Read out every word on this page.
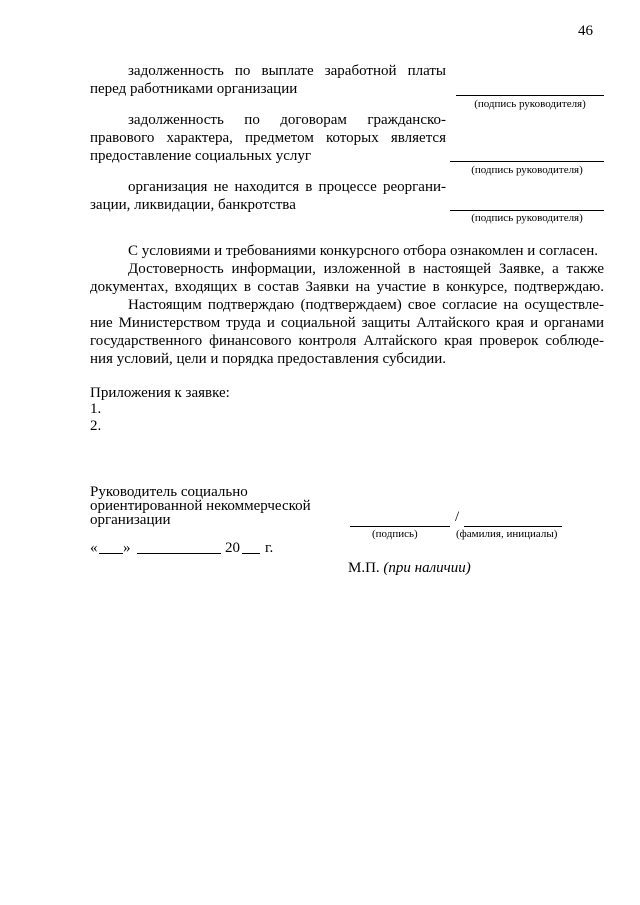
46
задолженность по выплате заработной платы
перед работниками организации
(подпись руководителя)
задолженность по договорам гражданско-
правового характера, предметом которых является
предоставление социальных услуг
(подпись руководителя)
организация не находится в процессе реоргани-
зации, ликвидации, банкротства
(подпись руководителя)
С условиями и требованиями конкурсного отбора ознакомлен и согласен.
Достоверность информации, изложенной в настоящей Заявке, а также
документах, входящих в состав Заявки на участие в конкурсе, подтверждаю.
Настоящим подтверждаю (подтверждаем) свое согласие на осуществле-
ние Министерством труда и социальной защиты Алтайского края и органами
государственного финансового контроля Алтайского края проверок соблюде-
ния условий, цели и порядка предоставления субсидии.
Приложения к заявке:
1.
2.
Руководитель социально
ориентированной некоммерческой
организации	/
(подпись)	(фамилия, инициалы)
« »	20 г.
М.П. (при наличии)
